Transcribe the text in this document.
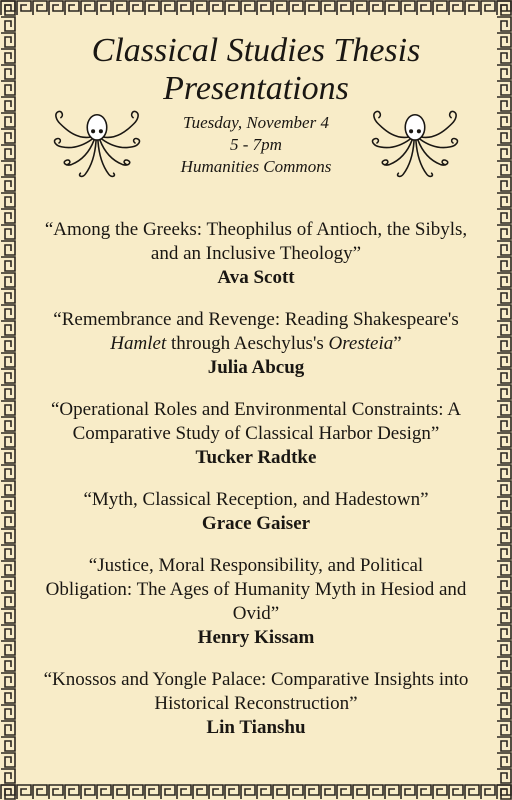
Classical Studies Thesis Presentations
Tuesday, November 4
5 - 7pm
Humanities Commons
“Among the Greeks: Theophilus of Antioch, the Sibyls,
and an Inclusive Theology”
Ava Scott
“Remembrance and Revenge: Reading Shakespeare's
Hamlet through Aeschylus's Oresteia”
Julia Abcug
“Operational Roles and Environmental Constraints: A
Comparative Study of Classical Harbor Design”
Tucker Radtke
“Myth, Classical Reception, and Hadestown”
Grace Gaiser
“Justice, Moral Responsibility, and Political
Obligation: The Ages of Humanity Myth in Hesiod and
Ovid”
Henry Kissam
“Knossos and Yongle Palace: Comparative Insights into
Historical Reconstruction”
Lin Tianshu
